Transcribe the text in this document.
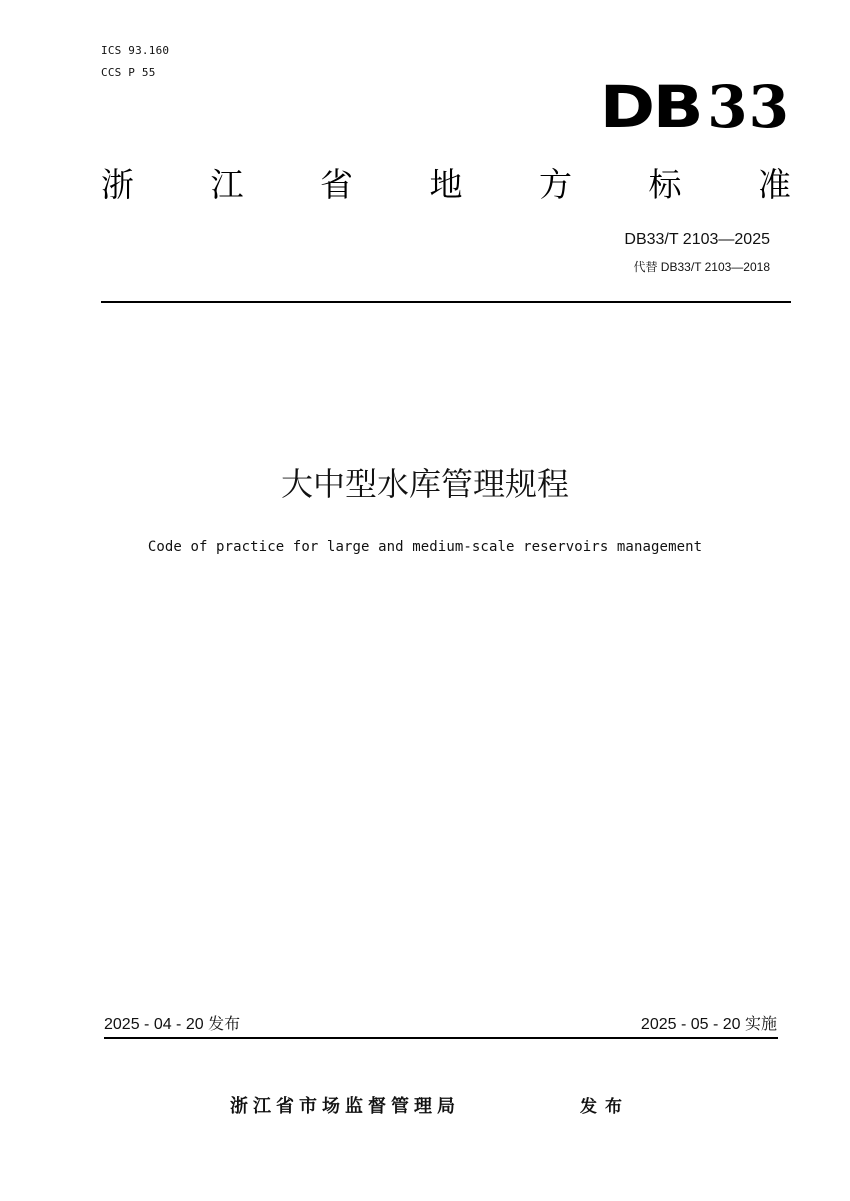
ICS 93.160
CCS P 55
DB 33
浙 江 省 地 方 标 准
DB33/T 2103—2025
代替 DB33/T 2103—2018
大中型水库管理规程
Code of practice for large and medium-scale reservoirs management
2025 - 04 - 20 发布	2025 - 05 - 20 实施
浙江省市场监督管理局	发布
